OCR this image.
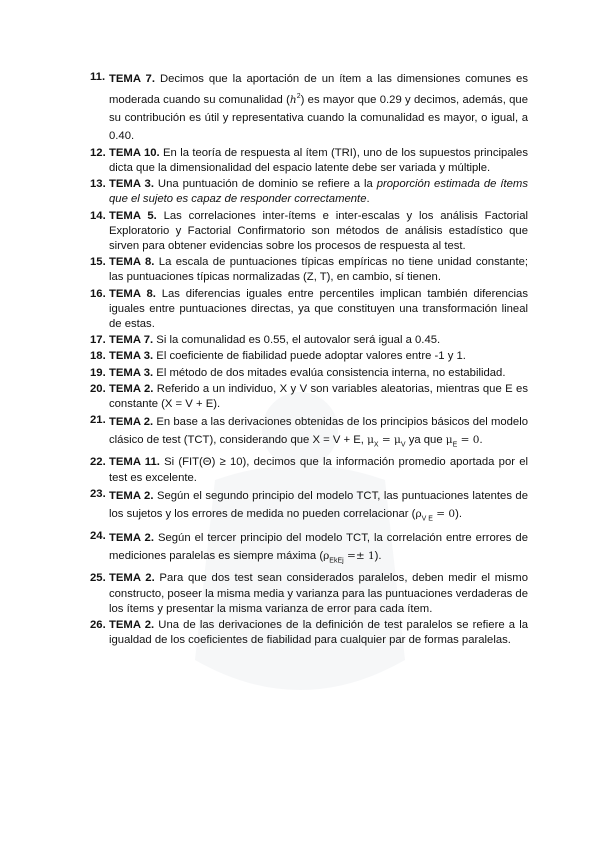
11. TEMA 7. Decimos que la aportación de un ítem a las dimensiones comunes es moderada cuando su comunalidad $(h^2)$ es mayor que 0.29 y decimos, además, que su contribución es útil y representativa cuando la comunalidad es mayor, o igual, a 0.40.
12. TEMA 10. En la teoría de respuesta al ítem (TRI), uno de los supuestos principales dicta que la dimensionalidad del espacio latente debe ser variada y múltiple.
13. TEMA 3. Una puntuación de dominio se refiere a la proporción estimada de ítems que el sujeto es capaz de responder correctamente.
14. TEMA 5. Las correlaciones inter-ítems e inter-escalas y los análisis Factorial Exploratorio y Factorial Confirmatorio son métodos de análisis estadístico que sirven para obtener evidencias sobre los procesos de respuesta al test.
15. TEMA 8. La escala de puntuaciones típicas empíricas no tiene unidad constante; las puntuaciones típicas normalizadas (Z, T), en cambio, sí tienen.
16. TEMA 8. Las diferencias iguales entre percentiles implican también diferencias iguales entre puntuaciones directas, ya que constituyen una transformación lineal de estas.
17. TEMA 7. Si la comunalidad es 0.55, el autovalor será igual a 0.45.
18. TEMA 3. El coeficiente de fiabilidad puede adoptar valores entre -1 y 1.
19. TEMA 3. El método de dos mitades evalúa consistencia interna, no estabilidad.
20. TEMA 2. Referido a un individuo, X y V son variables aleatorias, mientras que E es constante (X = V + E).
21. TEMA 2. En base a las derivaciones obtenidas de los principios básicos del modelo clásico de test (TCT), considerando que X = V + E, $\mu_X = \mu_V$ ya que $\mu_E = 0$.
22. TEMA 11. Si (FIT(Θ) ≥ 10), decimos que la información promedio aportada por el test es excelente.
23. TEMA 2. Según el segundo principio del modelo TCT, las puntuaciones latentes de los sujetos y los errores de medida no pueden correlacionar $(\rho_{V E} = 0)$.
24. TEMA 2. Según el tercer principio del modelo TCT, la correlación entre errores de mediciones paralelas es siempre máxima $(\rho_{EkEj} =\pm 1)$.
25. TEMA 2. Para que dos test sean considerados paralelos, deben medir el mismo constructo, poseer la misma media y varianza para las puntuaciones verdaderas de los ítems y presentar la misma varianza de error para cada ítem.
26. TEMA 2. Una de las derivaciones de la definición de test paralelos se refiere a la igualdad de los coeficientes de fiabilidad para cualquier par de formas paralelas.
